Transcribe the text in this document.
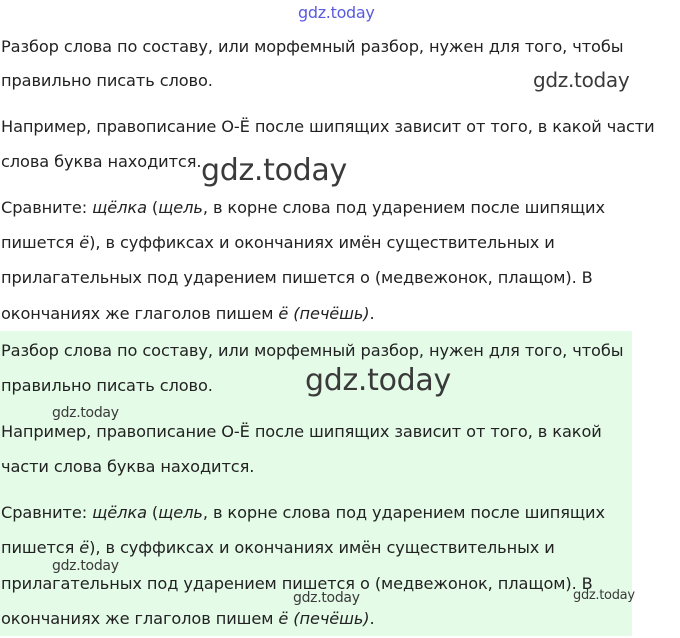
gdz.today

Разбор слова по составу, или морфемный разбор, нужен для того, чтобы

правильно писать слово.

Например, правописание О-Ё после шипящих зависит от того, в какой части

слова буква находится.

Сравните: щёлка (щель, в корне слова под ударением после шипящих

пишется ё), в суффиксах и окончаниях имён существительных и

прилагательных под ударением пишется о (медвежонок, плащом). В

окончаниях же глаголов пишем ё (печёшь).

Разбор слова по составу, или морфемный разбор, нужен для того, чтобы

правильно писать слово.

Например, правописание О-Ё после шипящих зависит от того, в какой

части слова буква находится.

Сравните: щёлка (щель, в корне слова под ударением после шипящих

пишется ё), в суффиксах и окончаниях имён существительных и

прилагательных под ударением пишется о (медвежонок, плащом). В

окончаниях же глаголов пишем ё (печёшь).

gdz.today
gdz.today
gdz.today
gdz.today
gdz.today
gdz.today	gdz.today
